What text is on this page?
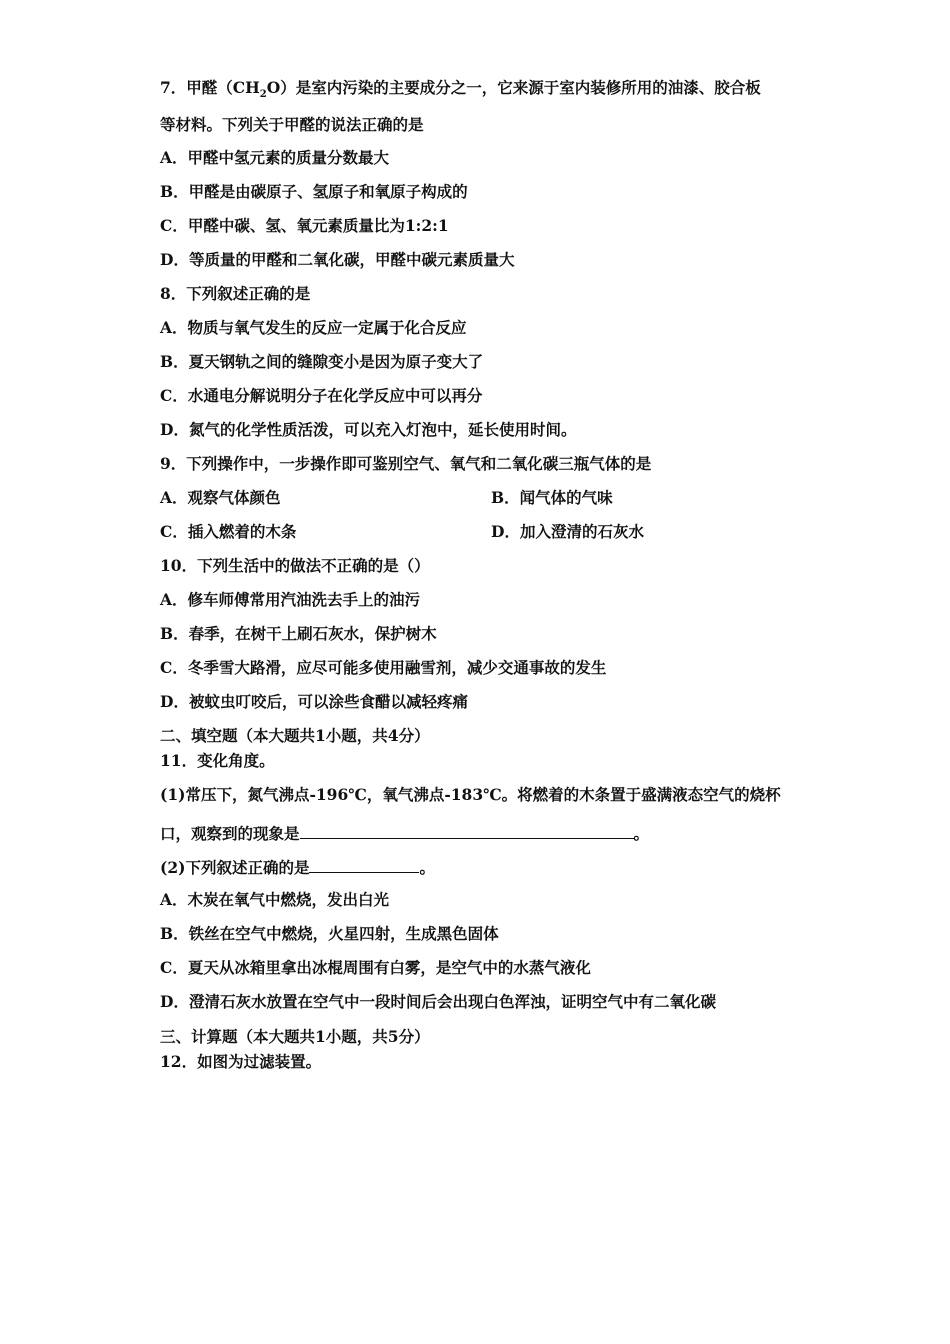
7．甲醛$(CH_2O)$是室内污染的主要成分之一，它来源于室内装修所用的油漆、胶合板
等材料。下列关于甲醛的说法正确的是
A．甲醛中氢元素的质量分数最大
B．甲醛是由碳原子、氢原子和氧原子构成的
C．甲醛中碳、氢、氧元素质量比为1:2:1
D．等质量的甲醛和二氧化碳，甲醛中碳元素质量大
8．下列叙述正确的是
A．物质与氧气发生的反应一定属于化合反应
B．夏天钢轨之间的缝隙变小是因为原子变大了
C．水通电分解说明分子在化学反应中可以再分
D．氮气的化学性质活泼，可以充入灯泡中，延长使用时间。
9．下列操作中，一步操作即可鉴别空气、氧气和二氧化碳三瓶气体的是
A．观察气体颜色	B．闻气体的气味
C．插入燃着的木条	D．加入澄清的石灰水
10．下列生活中的做法不正确的是（）
A．修车师傅常用汽油洗去手上的油污
B．春季，在树干上刷石灰水，保护树木
C．冬季雪大路滑，应尽可能多使用融雪剂，减少交通事故的发生
D．被蚊虫叮咬后，可以涂些食醋以减轻疼痛
二、填空题（本大题共1小题，共4分）
11．变化角度。
(1)常压下，氮气沸点-196℃，氧气沸点-183℃。将燃着的木条置于盛满液态空气的烧杯
口，观察到的现象是	。
(2)下列叙述正确的是	。
A．木炭在氧气中燃烧，发出白光
B．铁丝在空气中燃烧，火星四射，生成黑色固体
C．夏天从冰箱里拿出冰棍周围有白雾，是空气中的水蒸气液化
D．澄清石灰水放置在空气中一段时间后会出现白色浑浊，证明空气中有二氧化碳
三、计算题（本大题共1小题，共5分）
12．如图为过滤装置。
